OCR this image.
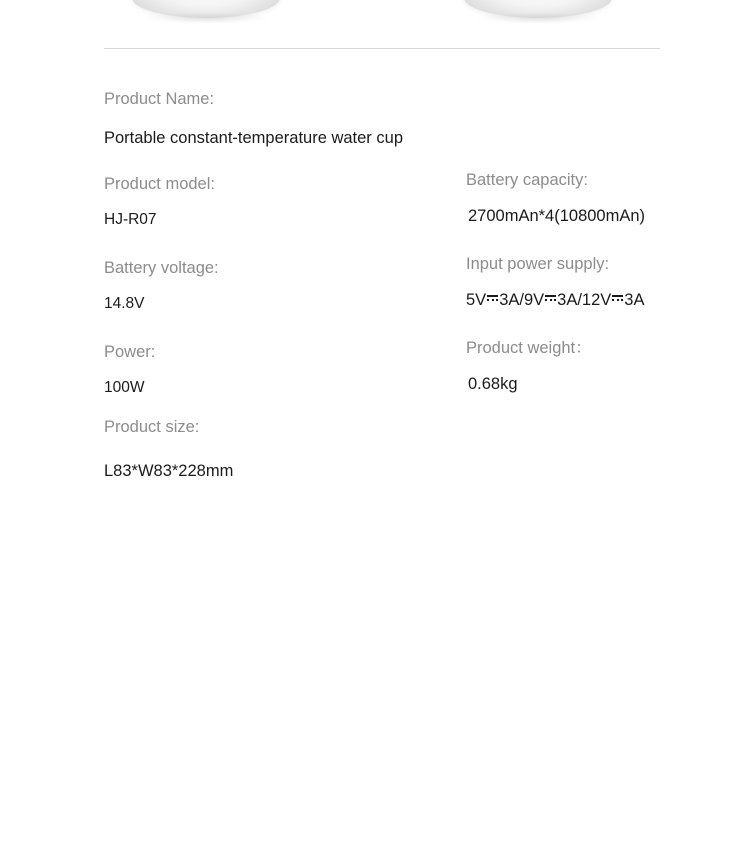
Product Name:
Portable constant-temperature water cup
Product model:
HJ-R07
Battery voltage:
14.8V
Power:
100W
Product size:
L83*W83*228mm
Battery capacity:
2700mAn*4(10800mAn)
Input power supply:
5V 3A/9V 3A/12V 3A
Product weight：
0.68kg
